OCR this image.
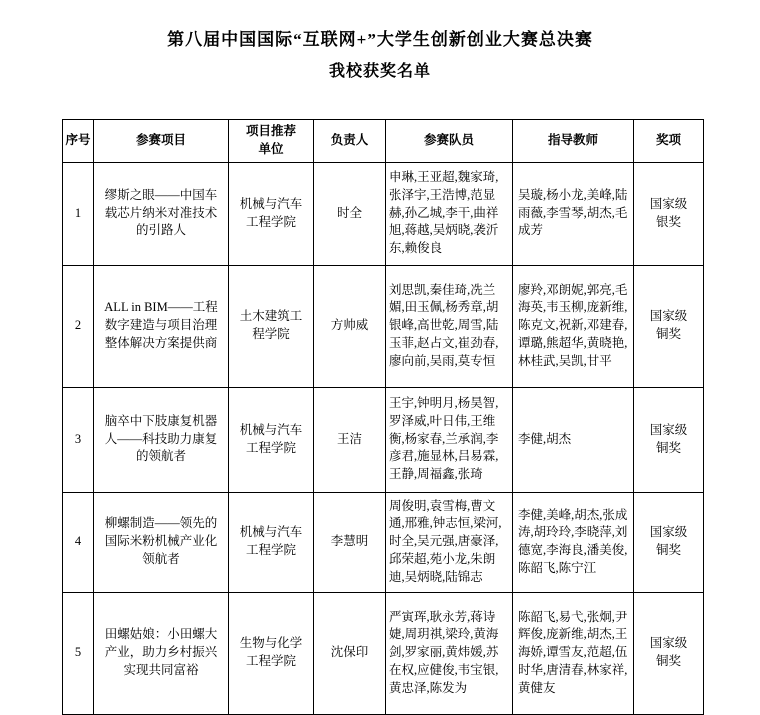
第八届中国国际“互联网+”大学生创新创业大赛总决赛
我校获奖名单
序号	参赛项目	项目推荐单位	负责人	参赛队员	指导教师	奖项
1	缪斯之眼——中国车载芯片纳米对准技术的引路人	机械与汽车工程学院	时全	申琳,王亚超,魏家琦,张泽宇,王浩博,范显赫,孙乙城,李干,曲祥旭,蒋越,吴炳晓,袭沂东,赖俊良	吴璇,杨小龙,美峰,陆雨薇,李雪琴,胡杰,毛成芳	国家级银奖
2	ALL in BIM——工程数字建造与项目治理整体解决方案提供商	土木建筑工程学院	方帅威	刘思凯,秦佳琦,冼兰媚,田玉佩,杨秀章,胡银峰,高世乾,周雪,陆玉菲,赵占文,崔劲春,廖向前,吴雨,莫专恒	廖羚,邓朗妮,郭亮,毛海英,韦玉柳,庞新维,陈克文,祝新,邓建春,谭璐,熊超华,黄晓艳,林桂武,吴凯,甘平	国家级铜奖
3	脑卒中下肢康复机器人——科技助力康复的领航者	机械与汽车工程学院	王洁	王宇,钟明月,杨昊智,罗泽威,叶日伟,王维衡,杨家春,兰承润,李彦君,施显林,吕易霖,王静,周福鑫,张琦	李健,胡杰	国家级铜奖
4	柳螺制造——领先的国际米粉机械产业化领航者	机械与汽车工程学院	李慧明	周俊明,袁雪梅,曹文通,邢雅,钟志恒,梁河,时全,吴元强,唐豪泽,邱荣超,苑小龙,朱朗迪,吴炳晓,陆锦志	李健,美峰,胡杰,张成涛,胡玲玲,李晓萍,刘德宽,李海良,潘美俊,陈韶飞,陈宁江	国家级铜奖
5	田螺姑娘：小田螺大产业，助力乡村振兴实现共同富裕	生物与化学工程学院	沈保印	严寅珲,耿永芳,蒋诗婕,周玥祺,梁玲,黄海剑,罗家丽,黄炜媛,苏在权,应健俊,韦宝银,黄忠泽,陈发为	陈韶飞,易弋,张炯,尹辉俊,庞新维,胡杰,王海娇,谭雪友,范超,伍时华,唐清春,林家祥,黄健友	国家级铜奖
